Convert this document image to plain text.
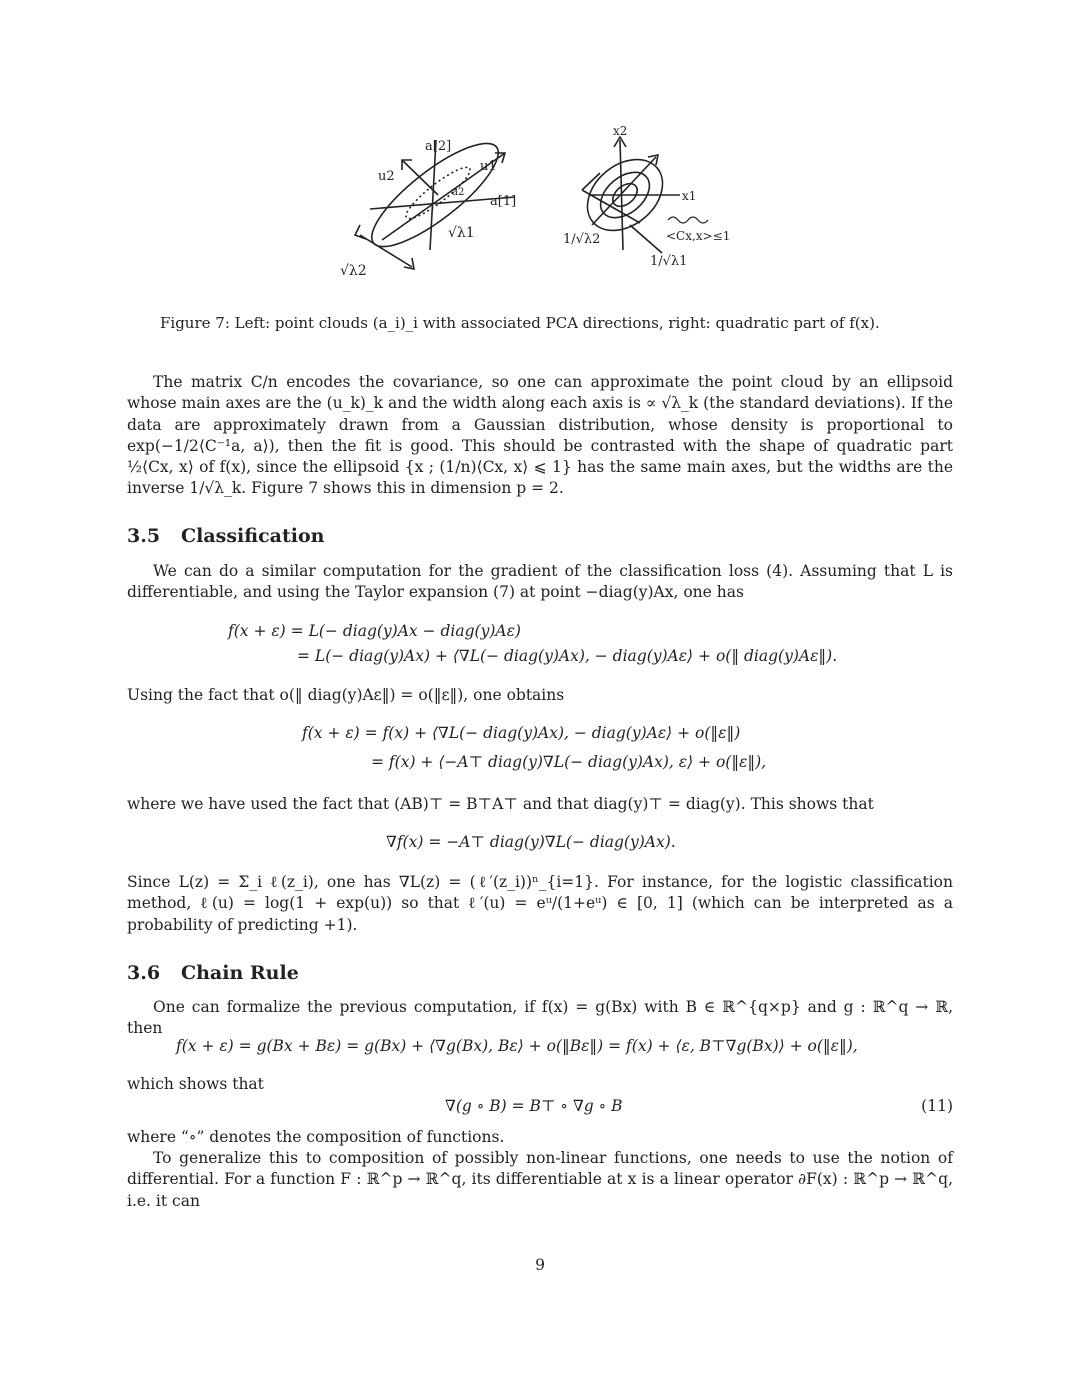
a[2]
u2
u1
a[1]
√λ1
√λ2
a2
x2
x1
1/√λ1
1/√λ2	<Cx,x>≤1
Figure 7: Left: point clouds (a_i)_i with associated PCA directions, right: quadratic part of f(x).
The matrix C/n encodes the covariance, so one can approximate the point cloud by an ellipsoid whose main axes are the (u_k)_k and the width along each axis is ∝ √λ_k (the standard deviations). If the data are approximately drawn from a Gaussian distribution, whose density is proportional to exp(−1/2⟨C⁻¹a, a⟩), then the fit is good. This should be contrasted with the shape of quadratic part ½⟨Cx, x⟩ of f(x), since the ellipsoid {x ; (1/n)⟨Cx, x⟩ ⩽ 1} has the same main axes, but the widths are the inverse 1/√λ_k. Figure 7 shows this in dimension p = 2.
3.5 Classification
We can do a similar computation for the gradient of the classification loss (4). Assuming that L is differentiable, and using the Taylor expansion (7) at point −diag(y)Ax, one has
f(x + ε) = L(− diag(y)Ax − diag(y)Aε)
= L(− diag(y)Ax) + ⟨∇L(− diag(y)Ax), − diag(y)Aε⟩ + o(‖ diag(y)Aε‖).
Using the fact that o(‖ diag(y)Aε‖) = o(‖ε‖), one obtains
f(x + ε) = f(x) + ⟨∇L(− diag(y)Ax), − diag(y)Aε⟩ + o(‖ε‖)
= f(x) + ⟨−A⊤ diag(y)∇L(− diag(y)Ax), ε⟩ + o(‖ε‖),
where we have used the fact that (AB)⊤ = B⊤A⊤ and that diag(y)⊤ = diag(y). This shows that
∇f(x) = −A⊤ diag(y)∇L(− diag(y)Ax).
Since L(z) = Σ_i ℓ(z_i), one has ∇L(z) = (ℓ′(z_i))ⁿ_{i=1}. For instance, for the logistic classification method, ℓ(u) = log(1 + exp(u)) so that ℓ′(u) = eᵘ/(1+eᵘ) ∈ [0, 1] (which can be interpreted as a probability of predicting +1).
3.6 Chain Rule
One can formalize the previous computation, if f(x) = g(Bx) with B ∈ ℝ^{q×p} and g : ℝ^q → ℝ, then
f(x + ε) = g(Bx + Bε) = g(Bx) + ⟨∇g(Bx), Bε⟩ + o(‖Bε‖) = f(x) + ⟨ε, B⊤∇g(Bx)⟩ + o(‖ε‖),
which shows that
∇(g ∘ B) = B⊤ ∘ ∇g ∘ B	(11)
where “∘” denotes the composition of functions.
To generalize this to composition of possibly non-linear functions, one needs to use the notion of differential. For a function F : ℝ^p → ℝ^q, its differentiable at x is a linear operator ∂F(x) : ℝ^p → ℝ^q, i.e. it can
9
